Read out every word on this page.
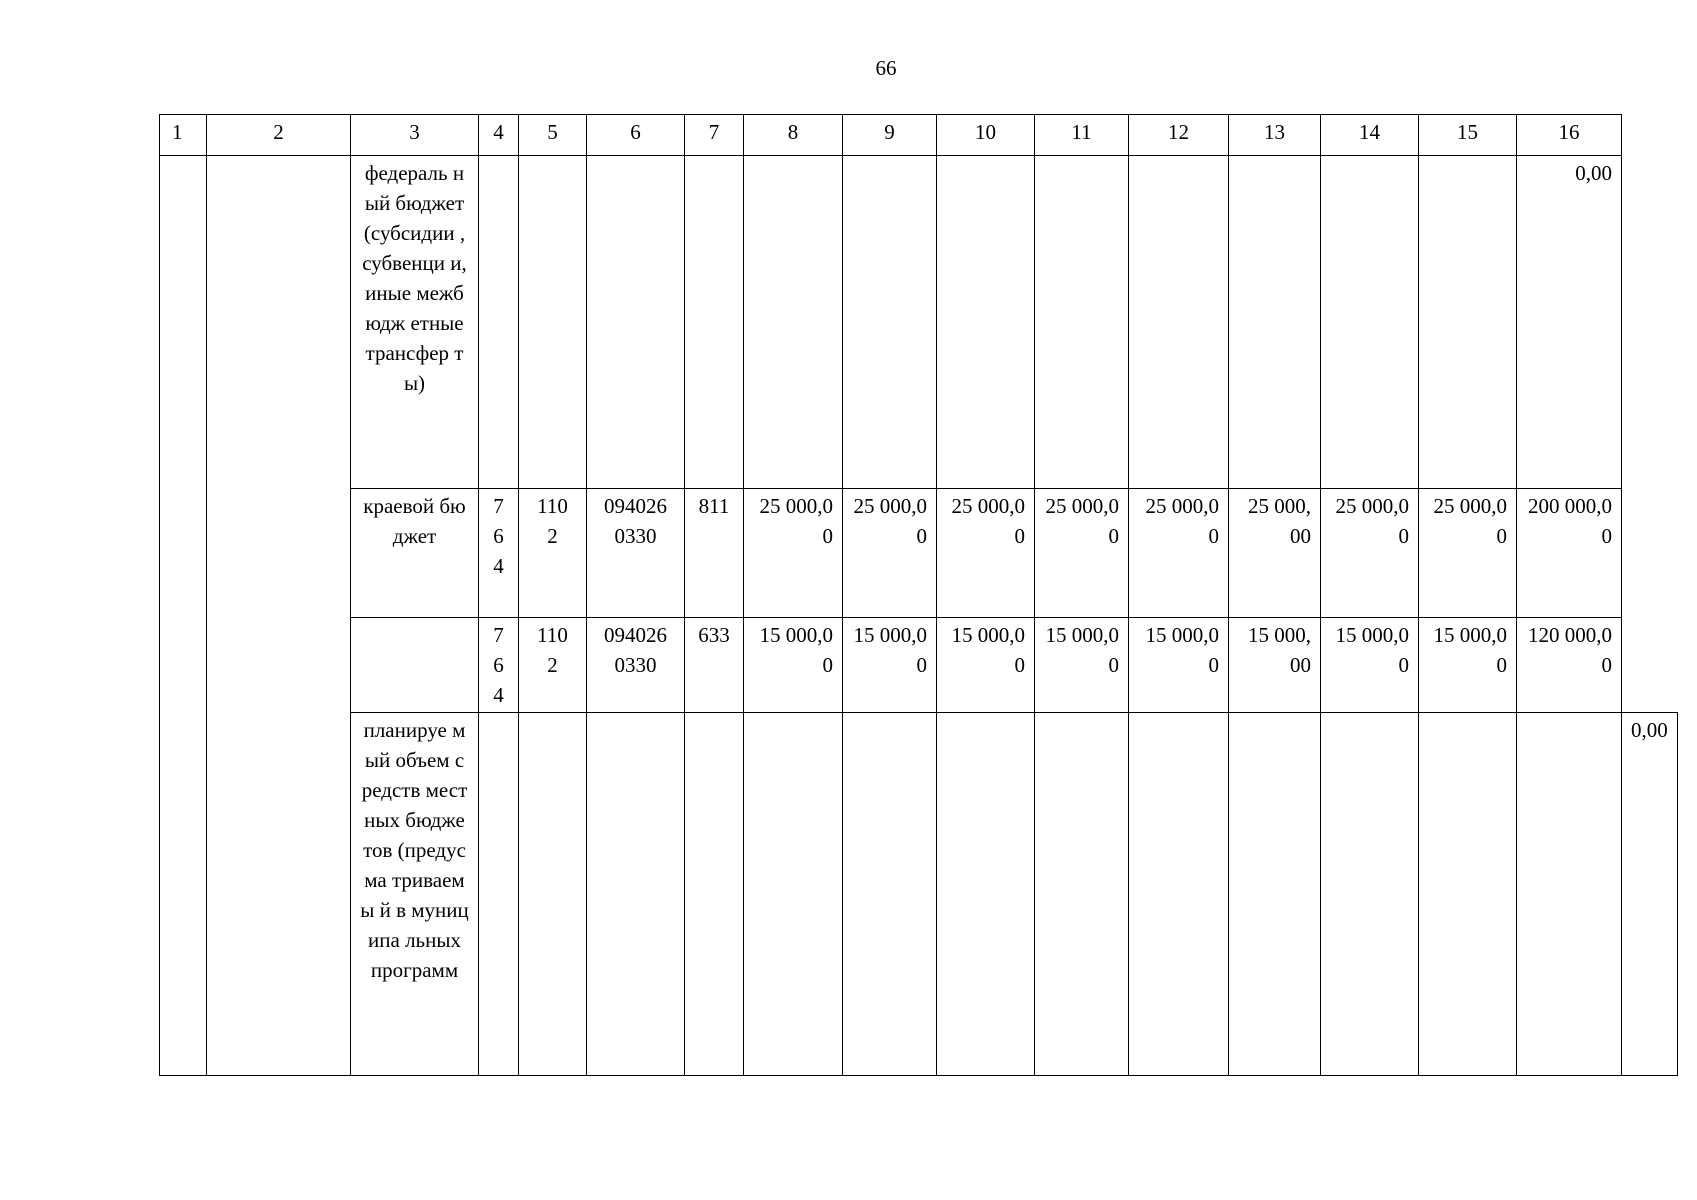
66
1	2	3	4	5	6	7	8	9	10	11	12	13	14	15	16	
		федераль ный бюджет (субсидии , субвенци и, иные межбюдж етные трансфер ты)													0,00	
		краевой бюджет	764	1102	0940260330	811	25 000,00	25 000,00	25 000,00	25 000,00	25 000,00	25 000,00	25 000,00	25 000,00	200 000,00	
			764	1102	0940260330	633	15 000,00	15 000,00	15 000,00	15 000,00	15 000,00	15 000,00	15 000,00	15 000,00	120 000,00	
		планируе мый объем средств местных бюджетов (предусма триваемы й в муниципа льных программ														0,00
